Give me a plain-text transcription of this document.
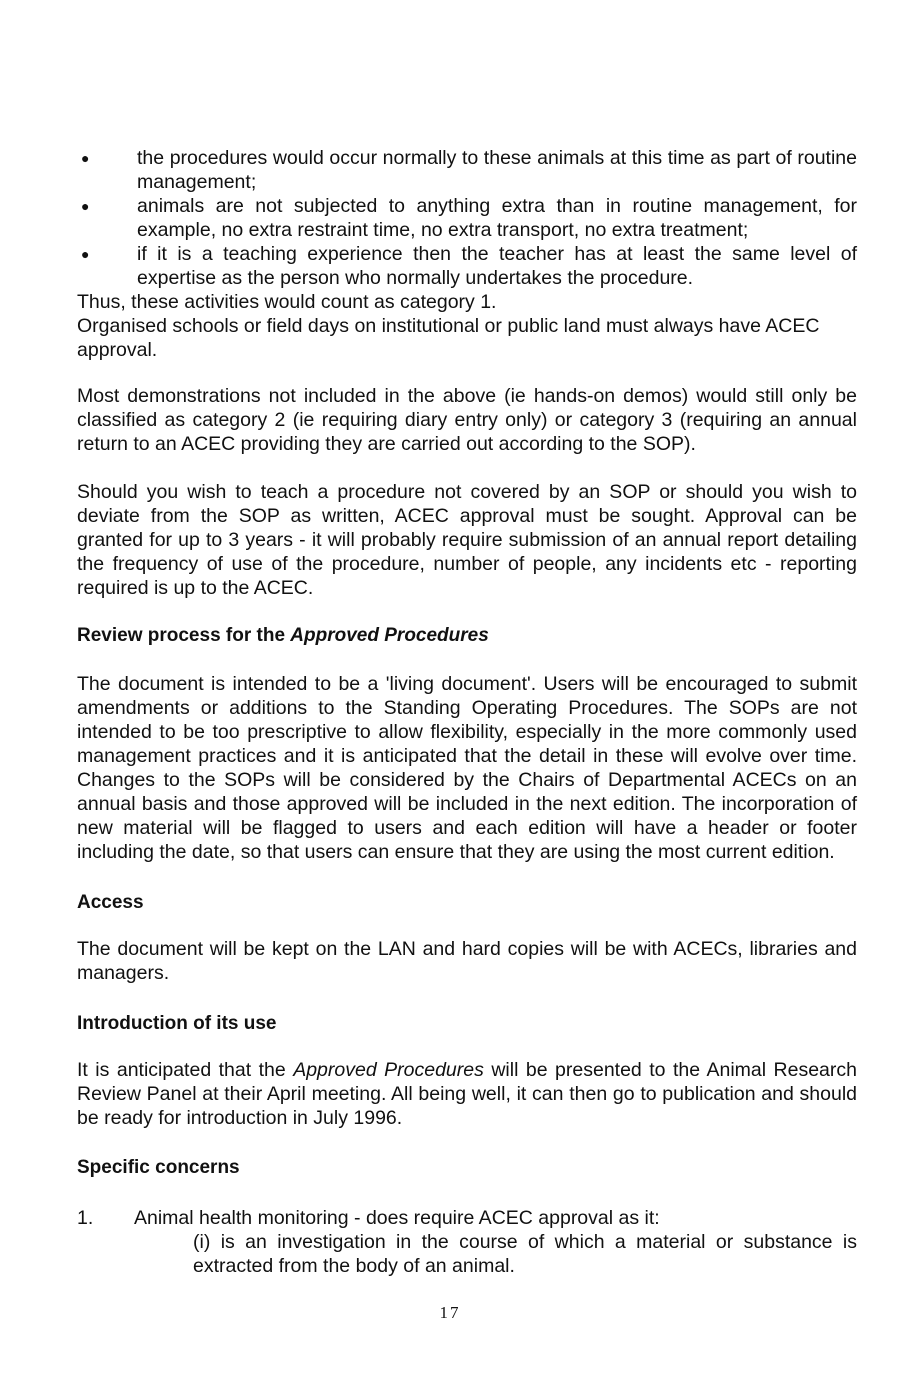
● the procedures would occur normally to these animals at this time as part of routine management;
● animals are not subjected to anything extra than in routine management, for example, no extra restraint time, no extra transport, no extra treatment;
● if it is a teaching experience then the teacher has at least the same level of expertise as the person who normally undertakes the procedure.

Thus, these activities would count as category 1.

Organised schools or field days on institutional or public land must always have ACEC approval.

Most demonstrations not included in the above (ie hands-on demos) would still only be classified as category 2 (ie requiring diary entry only) or category 3 (requiring an annual return to an ACEC providing they are carried out according to the SOP).

Should you wish to teach a procedure not covered by an SOP or should you wish to deviate from the SOP as written, ACEC approval must be sought. Approval can be granted for up to 3 years - it will probably require submission of an annual report detailing the frequency of use of the procedure, number of people, any incidents etc - reporting required is up to the ACEC.

Review process for the Approved Procedures

The document is intended to be a 'living document'. Users will be encouraged to submit amendments or additions to the Standing Operating Procedures. The SOPs are not intended to be too prescriptive to allow flexibility, especially in the more commonly used management practices and it is anticipated that the detail in these will evolve over time. Changes to the SOPs will be considered by the Chairs of Departmental ACECs on an annual basis and those approved will be included in the next edition. The incorporation of new material will be flagged to users and each edition will have a header or footer including the date, so that users can ensure that they are using the most current edition.

Access

The document will be kept on the LAN and hard copies will be with ACECs, libraries and managers.

Introduction of its use

It is anticipated that the Approved Procedures will be presented to the Animal Research Review Panel at their April meeting. All being well, it can then go to publication and should be ready for introduction in July 1996.

Specific concerns
1.	Animal health monitoring - does require ACEC approval as it:
(i) is an investigation in the course of which a material or substance is extracted from the body of an animal.
17
